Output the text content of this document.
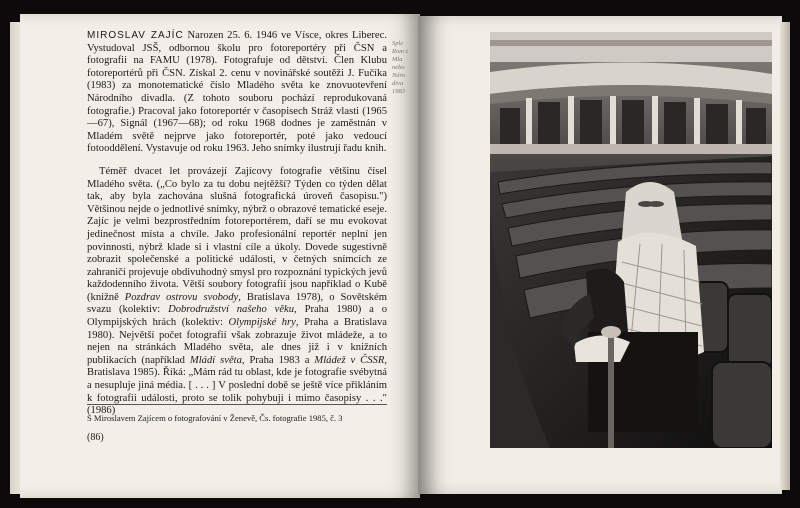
MIROSLAV ZAJÍC Narozen 25. 6. 1946 ve Vísce, okres Liberec. Vystudoval JSŠ, odbornou školu pro fotoreportéry při ČSN a fotografii na FAMU (1978). Fotografuje od dětství. Člen Klubu fotoreportérů při ČSN. Získal 2. cenu v novinářské soutěži J. Fučíka (1983) za monotematické číslo Mladého světa ke znovuotevření Národního divadla. (Z tohoto souboru pochází reprodukovaná fotografie.) Pracoval jako fotoreportér v časopisech Stráž vlasti (1965—67), Signál (1967—68); od roku 1968 dodnes je zaměstnán v Mladém světě nejprve jako fotoreportér, poté jako vedoucí fotooddělení. Vystavuje od roku 1963. Jeho snímky ilustrují řadu knih.

Téměř dvacet let provázejí Zajícovy fotografie většinu čísel Mladého světa. („Co bylo za tu dobu nejtěžší? Týden co týden dělat tak, aby byla zachována slušná fotografická úroveň časopisu.") Většinou nejde o jednotlivé snímky, nýbrž o obrazové tematické eseje. Zajíc je velmi bezprostředním fotoreportérem, daří se mu evokovat jedinečnost místa a chvíle. Jako profesionální reportér neplní jen povinnosti, nýbrž klade si i vlastní cíle a úkoly. Dovede sugestivně zobrazit společenské a politické události, v četných snímcích ze zahraničí projevuje obdivuhodný smysl pro rozpoznání typických jevů každodenního života. Větší soubory fotografií jsou například o Kubě (knižně Pozdrav ostrovu svobody, Bratislava 1978), o Sovětském svazu (kolektiv: Dobrodružství našeho věku, Praha 1980) a o Olympijských hrách (kolektiv: Olympijské hry, Praha a Bratislava 1980). Největší počet fotografií však zobrazuje život mládeže, a to nejen na stránkách Mladého světa, ale dnes již i v knižních publikacích (například Mládí světa, Praha 1983 a Mládež v ČSSR, Bratislava 1985). Říká: „Mám rád tu oblast, kde je fotografie svébytná a nesupluje jiná média. [ . . . ] V poslední době se ještě více přikláním k fotografii události, proto se tolik pohybuji i mimo časopisy . . ." (1986)

S Miroslavem Zajícem o fotografování v Ženevě, Čs. fotografie 1985, č. 3
(86)
Sple Rom z Mla nebo Náro diva 1983
